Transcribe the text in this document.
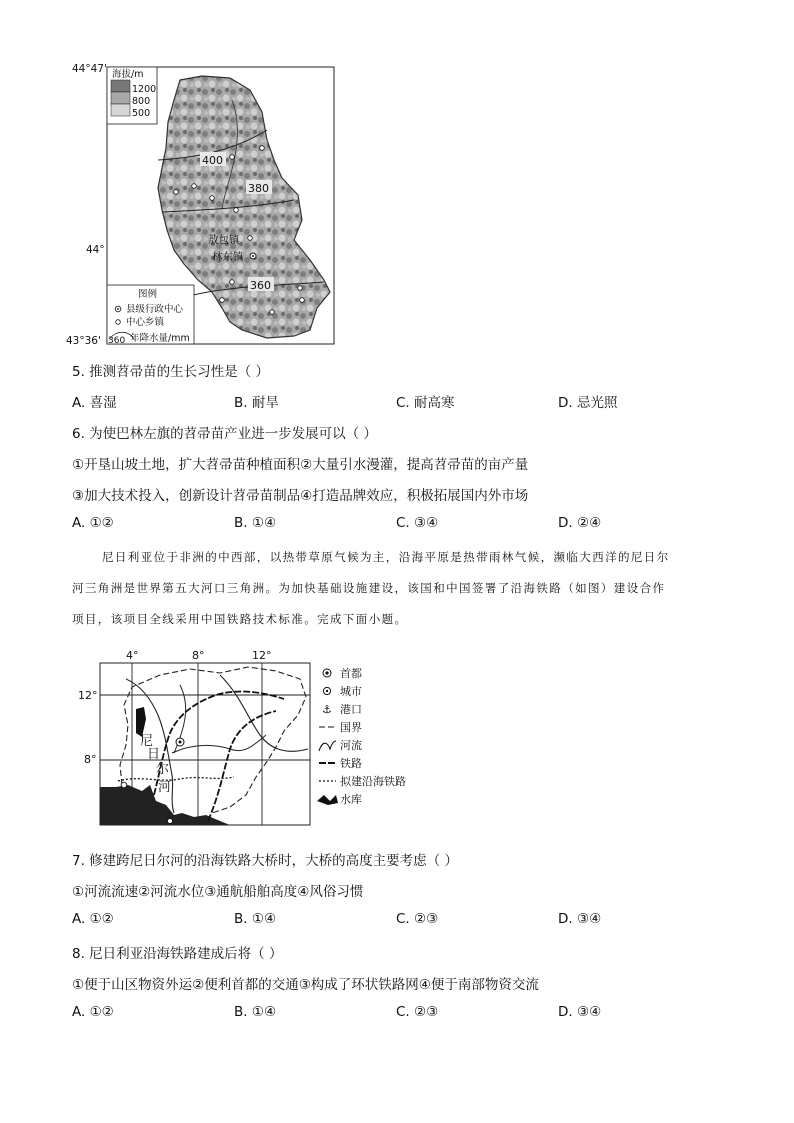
400
380
360
敖包镇
林东镇
海拔/m
1200
800
500
图例
县级行政中心
中心乡镇
360 年降水量/mm
44°47'
44°
43°36'
5. 推测苕帚苗的生长习性是（ ）
A. 喜湿	B. 耐旱	C. 耐高寒	D. 忌光照
6. 为使巴林左旗的苕帚苗产业进一步发展可以（ ）
①开垦山坡土地，扩大苕帚苗种植面积②大量引水漫灌，提高苕帚苗的亩产量
③加大技术投入，创新设计苕帚苗制品④打造品牌效应，积极拓展国内外市场
A. ①②	B. ①④	C. ③④	D. ②④
尼日利亚位于非洲的中西部，以热带草原气候为主，沿海平原是热带雨林气候，濒临大西洋的尼日尔
河三角洲是世界第五大河口三角洲。为加快基础设施建设，该国和中国签署了沿海铁路（如图）建设合作
项目，该项目全线采用中国铁路技术标准。完成下面小题。
尼
日
尔
河
4°	8°	12°
12°
8°
首都
城市
⚓ 港口
国界
河流
铁路
拟建沿海铁路
水库
7. 修建跨尼日尔河的沿海铁路大桥时，大桥的高度主要考虑（ ）
①河流流速②河流水位③通航船舶高度④风俗习惯
A. ①②	B. ①④	C. ②③	D. ③④
8. 尼日利亚沿海铁路建成后将（ ）
①便于山区物资外运②便利首都的交通③构成了环状铁路网④便于南部物资交流
A. ①②	B. ①④	C. ②③	D. ③④
